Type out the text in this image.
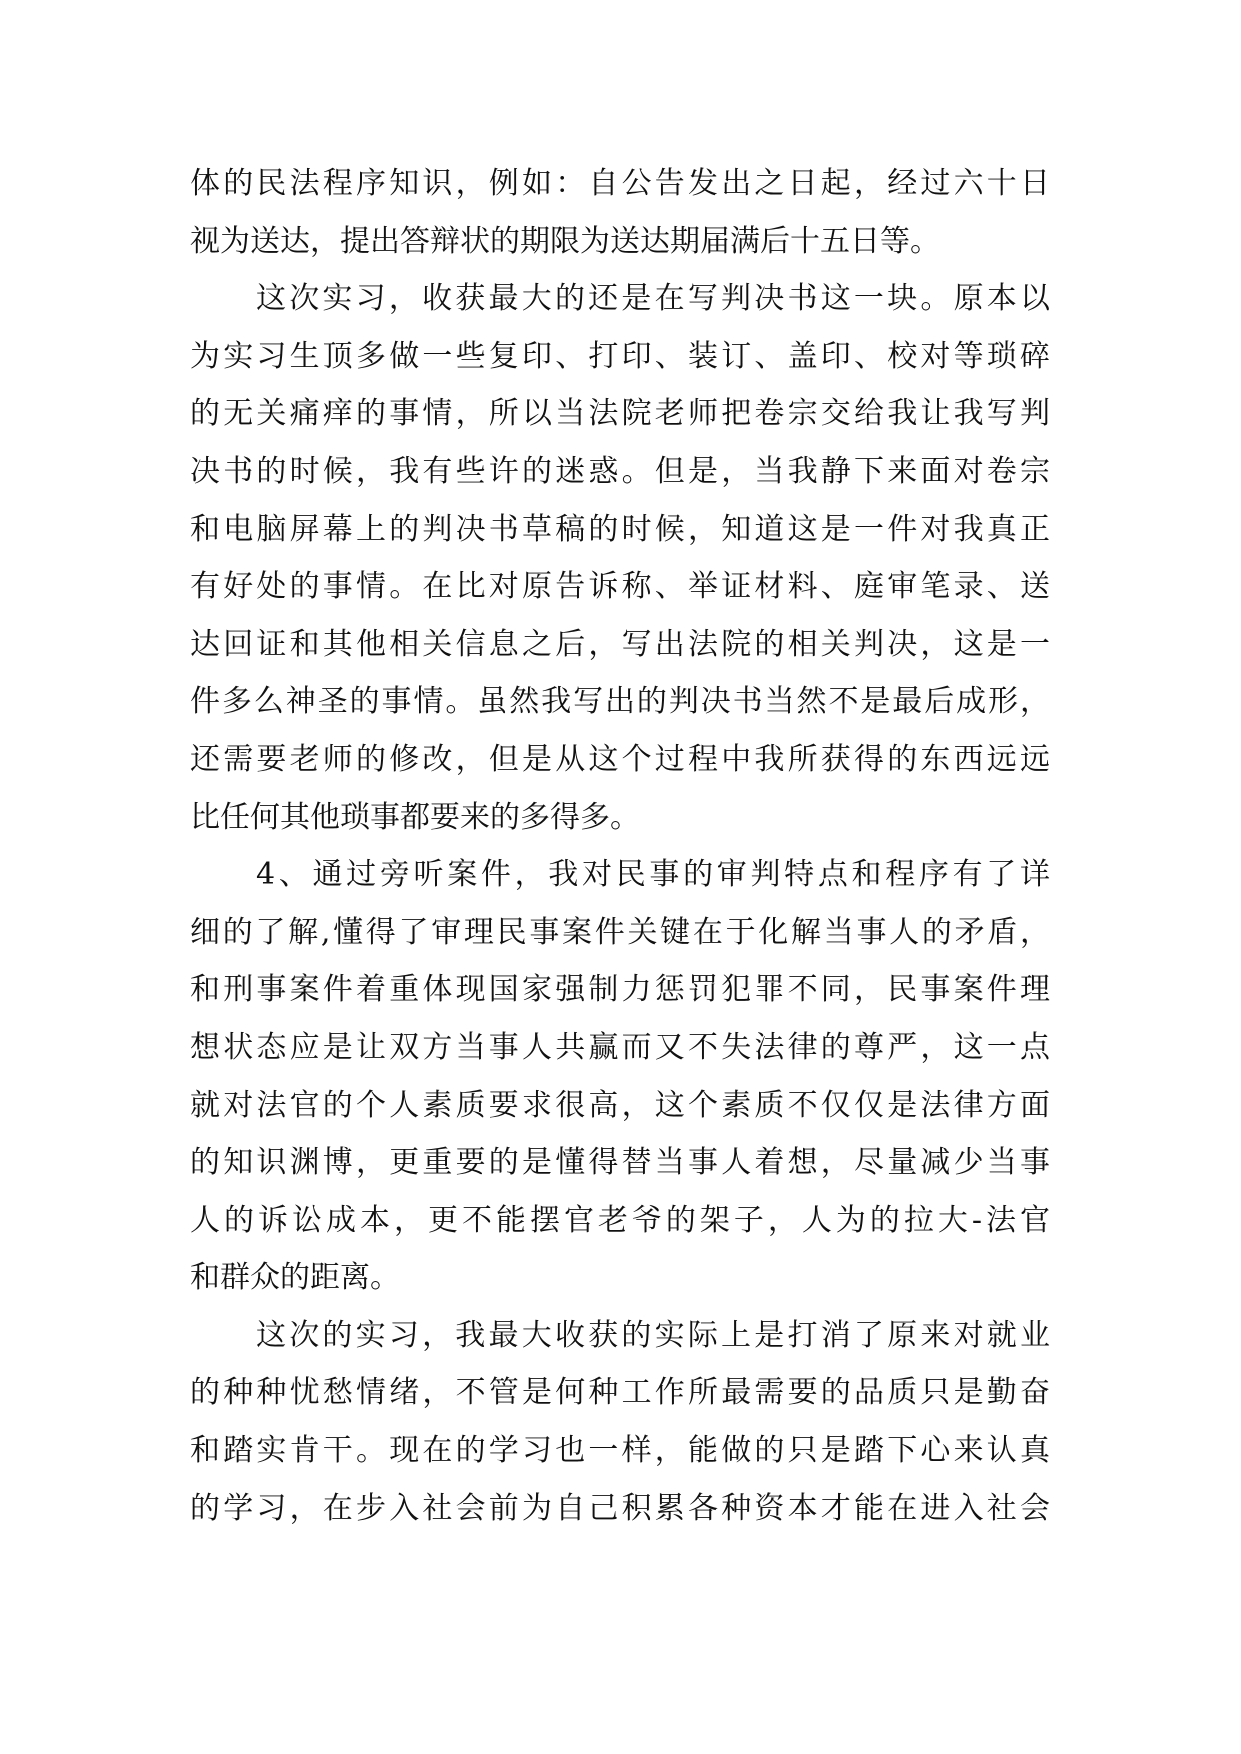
体的民法程序知识，例如：自公告发出之日起，经过六十日
视为送达，提出答辩状的期限为送达期届满后十五日等。
这次实习，收获最大的还是在写判决书这一块。原本以
为实习生顶多做一些复印、打印、装订、盖印、校对等琐碎
的无关痛痒的事情，所以当法院老师把卷宗交给我让我写判
决书的时候，我有些许的迷惑。但是，当我静下来面对卷宗
和电脑屏幕上的判决书草稿的时候，知道这是一件对我真正
有好处的事情。在比对原告诉称、举证材料、庭审笔录、送
达回证和其他相关信息之后，写出法院的相关判决，这是一
件多么神圣的事情。虽然我写出的判决书当然不是最后成形，
还需要老师的修改，但是从这个过程中我所获得的东西远远
比任何其他琐事都要来的多得多。
4、通过旁听案件，我对民事的审判特点和程序有了详
细的了解,懂得了审理民事案件关键在于化解当事人的矛盾，
和刑事案件着重体现国家强制力惩罚犯罪不同，民事案件理
想状态应是让双方当事人共赢而又不失法律的尊严，这一点
就对法官的个人素质要求很高，这个素质不仅仅是法律方面
的知识渊博，更重要的是懂得替当事人着想，尽量减少当事
人的诉讼成本，更不能摆官老爷的架子，人为的拉大-法官
和群众的距离。
这次的实习，我最大收获的实际上是打消了原来对就业
的种种忧愁情绪，不管是何种工作所最需要的品质只是勤奋
和踏实肯干。现在的学习也一样，能做的只是踏下心来认真
的学习，在步入社会前为自己积累各种资本才能在进入社会
